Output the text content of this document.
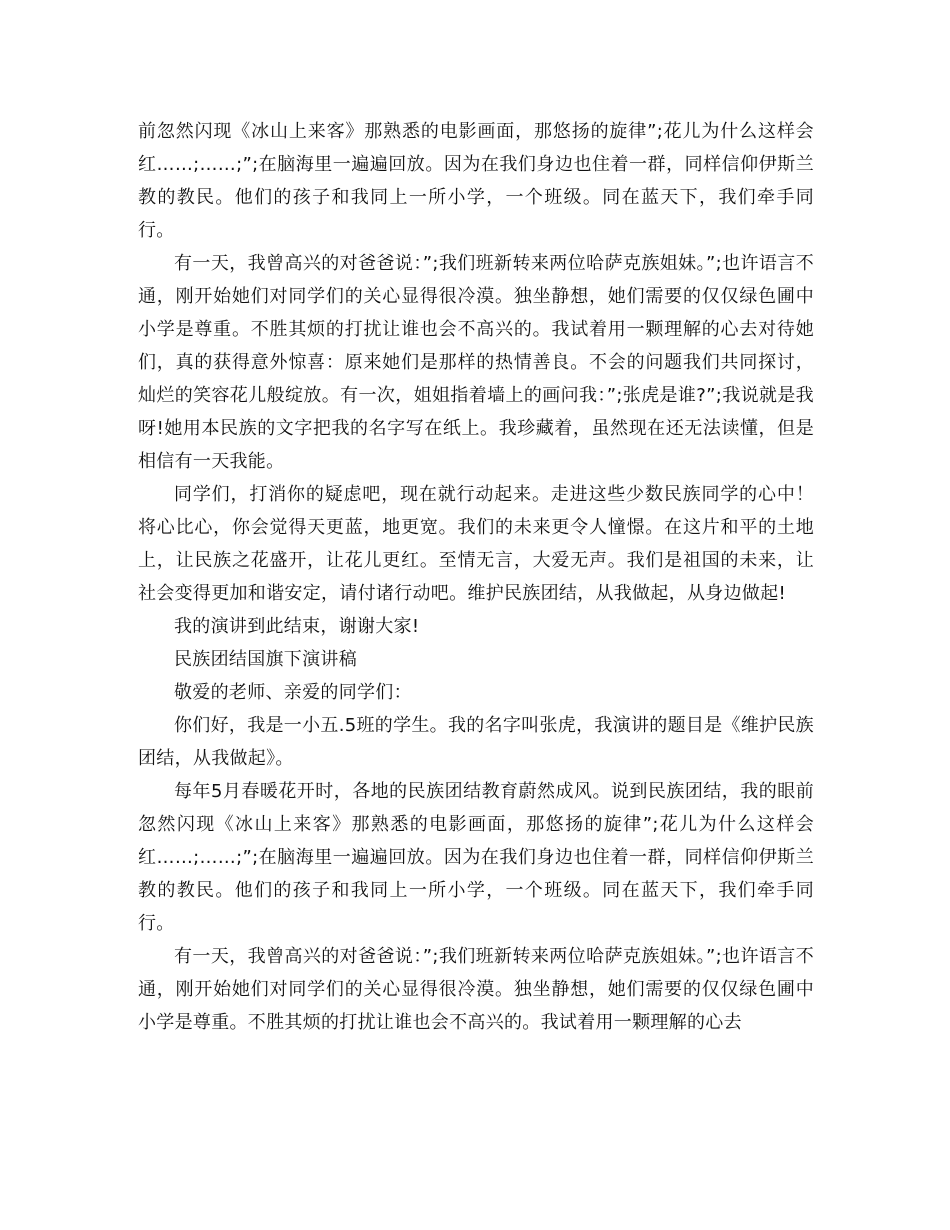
前忽然闪现《冰山上来客》那熟悉的电影画面，那悠扬的旋律”;花儿为什么这样会红……;……;”;在脑海里一遍遍回放。因为在我们身边也住着一群，同样信仰伊斯兰教的教民。他们的孩子和我同上一所小学，一个班级。同在蓝天下，我们牵手同行。

有一天，我曾高兴的对爸爸说：”;我们班新转来两位哈萨克族姐妹。”;也许语言不通，刚开始她们对同学们的关心显得很冷漠。独坐静想，她们需要的仅仅绿色圃中小学是尊重。不胜其烦的打扰让谁也会不高兴的。我试着用一颗理解的心去对待她们，真的获得意外惊喜：原来她们是那样的热情善良。不会的问题我们共同探讨，灿烂的笑容花儿般绽放。有一次，姐姐指着墙上的画问我：”;张虎是谁?”;我说就是我呀!她用本民族的文字把我的名字写在纸上。我珍藏着，虽然现在还无法读懂，但是相信有一天我能。

同学们，打消你的疑虑吧，现在就行动起来。走进这些少数民族同学的心中！将心比心，你会觉得天更蓝，地更宽。我们的未来更令人憧憬。在这片和平的土地上，让民族之花盛开，让花儿更红。至情无言，大爱无声。我们是祖国的未来，让社会变得更加和谐安定，请付诸行动吧。维护民族团结，从我做起，从身边做起!

我的演讲到此结束，谢谢大家!

民族团结国旗下演讲稿

敬爱的老师、亲爱的同学们：

你们好，我是一小五.5班的学生。我的名字叫张虎，我演讲的题目是《维护民族团结，从我做起》。

每年5月春暖花开时，各地的民族团结教育蔚然成风。说到民族团结，我的眼前忽然闪现《冰山上来客》那熟悉的电影画面，那悠扬的旋律”;花儿为什么这样会红……;……;”;在脑海里一遍遍回放。因为在我们身边也住着一群，同样信仰伊斯兰教的教民。他们的孩子和我同上一所小学，一个班级。同在蓝天下，我们牵手同行。

有一天，我曾高兴的对爸爸说：”;我们班新转来两位哈萨克族姐妹。”;也许语言不通，刚开始她们对同学们的关心显得很冷漠。独坐静想，她们需要的仅仅绿色圃中小学是尊重。不胜其烦的打扰让谁也会不高兴的。我试着用一颗理解的心去
